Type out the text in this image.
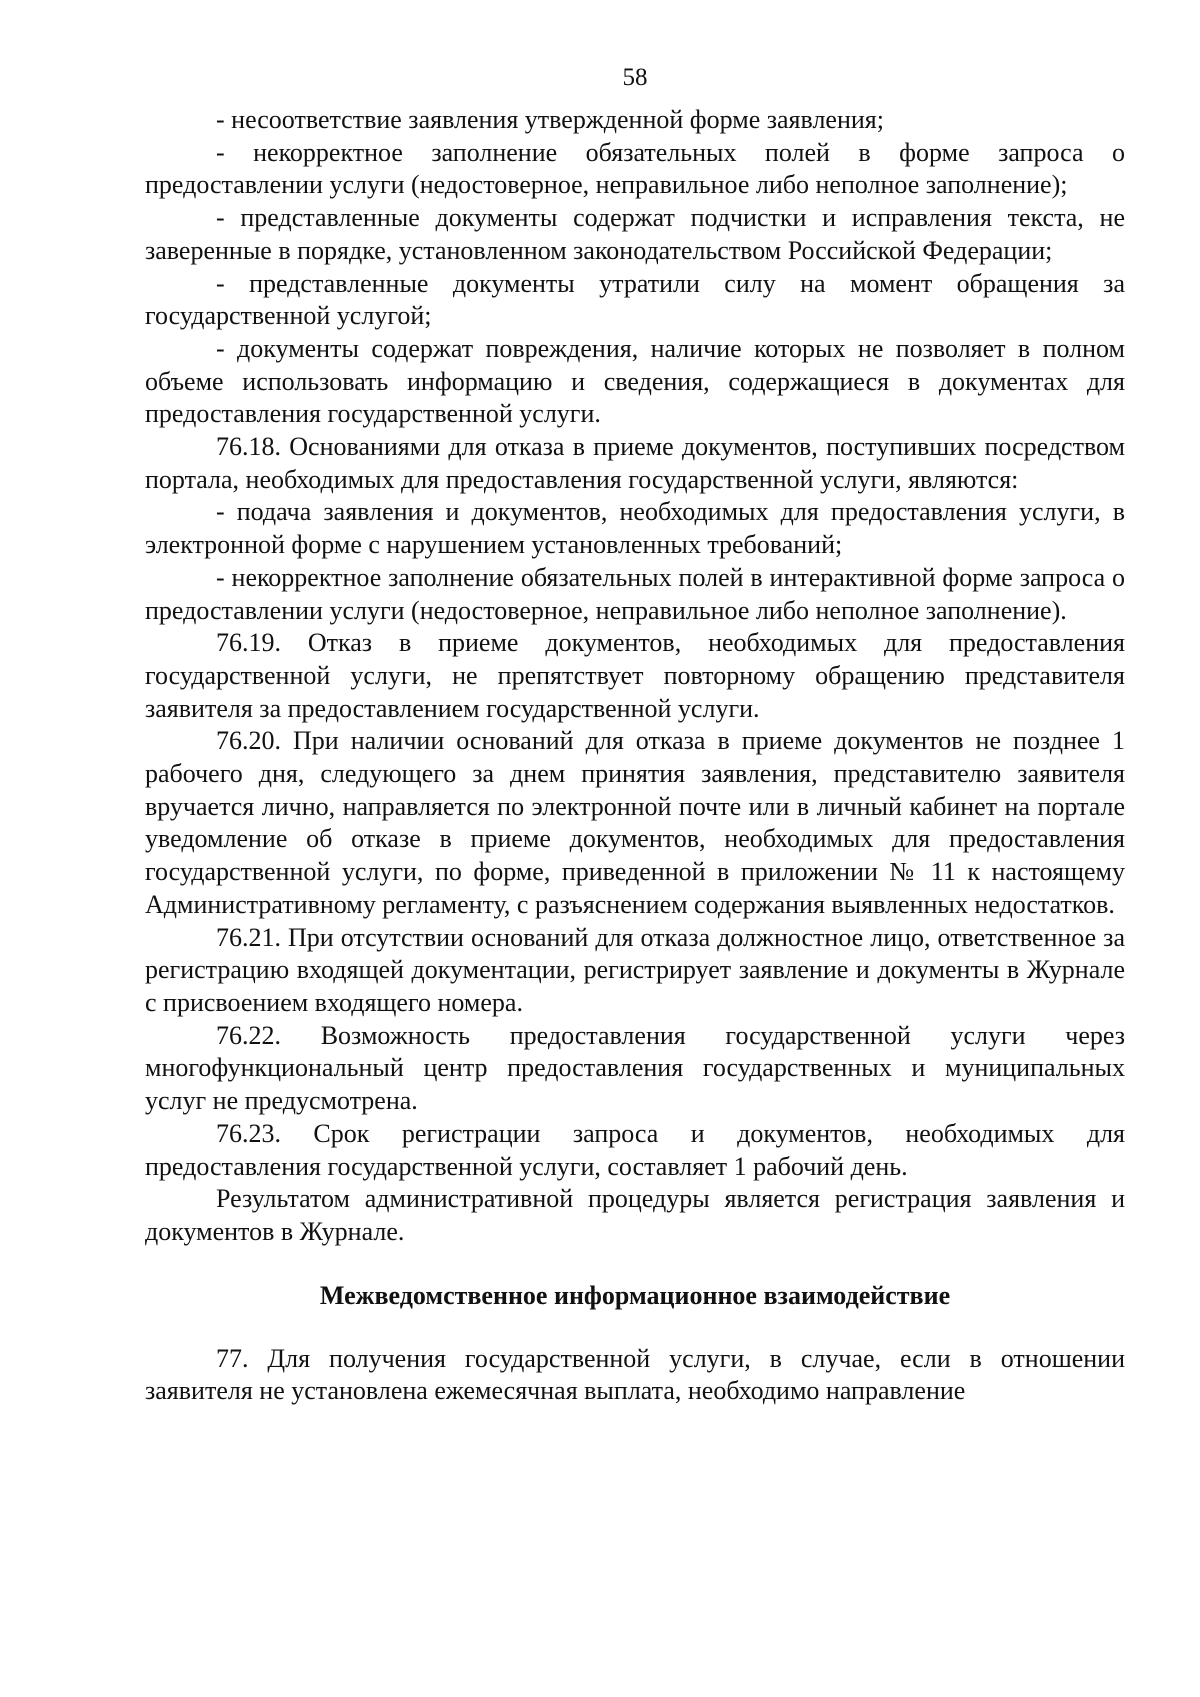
58

- несоответствие заявления утвержденной форме заявления;

- некорректное заполнение обязательных полей в форме запроса о предоставлении услуги (недостоверное, неправильное либо неполное заполнение);

- представленные документы содержат подчистки и исправления текста, не заверенные в порядке, установленном законодательством Российской Федерации;

- представленные документы утратили силу на момент обращения за государственной услугой;

- документы содержат повреждения, наличие которых не позволяет в полном объеме использовать информацию и сведения, содержащиеся в документах для предоставления государственной услуги.

76.18. Основаниями для отказа в приеме документов, поступивших посредством портала, необходимых для предоставления государственной услуги, являются:

- подача заявления и документов, необходимых для предоставления услуги, в электронной форме с нарушением установленных требований;

- некорректное заполнение обязательных полей в интерактивной форме запроса о предоставлении услуги (недостоверное, неправильное либо неполное заполнение).

76.19. Отказ в приеме документов, необходимых для предоставления государственной услуги, не препятствует повторному обращению представителя заявителя за предоставлением государственной услуги.

76.20. При наличии оснований для отказа в приеме документов не позднее 1 рабочего дня, следующего за днем принятия заявления, представителю заявителя вручается лично, направляется по электронной почте или в личный кабинет на портале уведомление об отказе в приеме документов, необходимых для предоставления государственной услуги, по форме, приведенной в приложении № 11 к настоящему Административному регламенту, с разъяснением содержания выявленных недостатков.

76.21. При отсутствии оснований для отказа должностное лицо, ответственное за регистрацию входящей документации, регистрирует заявление и документы в Журнале с присвоением входящего номера.

76.22. Возможность предоставления государственной услуги через многофункциональный центр предоставления государственных и муниципальных услуг не предусмотрена.

76.23. Срок регистрации запроса и документов, необходимых для предоставления государственной услуги, составляет 1 рабочий день.

Результатом административной процедуры является регистрация заявления и документов в Журнале.

Межведомственное информационное взаимодействие

77. Для получения государственной услуги, в случае, если в отношении заявителя не установлена ежемесячная выплата, необходимо направление
